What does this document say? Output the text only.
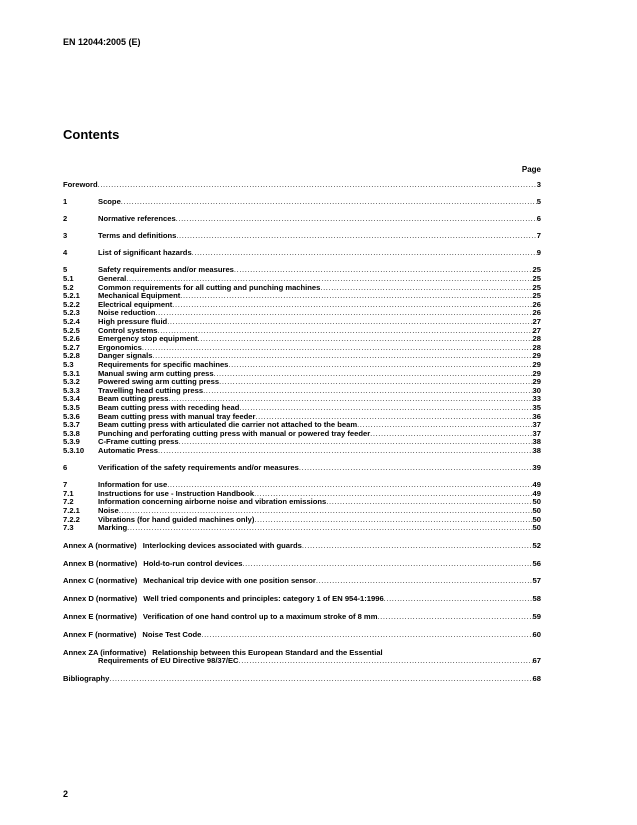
EN 12044:2005 (E)
Contents
Page
Foreword .....	3
1	Scope .....	5
2	Normative references .....	6
3	Terms and definitions .....	7
4	List of significant hazards .....	9
5	Safety requirements and/or measures .....	25
5.1	General .....	25
5.2	Common requirements for all cutting and punching machines .....	25
5.2.1	Mechanical Equipment .....	25
5.2.2	Electrical equipment .....	26
5.2.3	Noise reduction .....	26
5.2.4	High pressure fluid .....	27
5.2.5	Control systems .....	27
5.2.6	Emergency stop equipment .....	28
5.2.7	Ergonomics .....	28
5.2.8	Danger signals .....	29
5.3	Requirements for specific machines .....	29
5.3.1	Manual swing arm cutting press .....	29
5.3.2	Powered swing arm cutting press .....	29
5.3.3	Travelling head cutting press .....	30
5.3.4	Beam cutting press .....	33
5.3.5	Beam cutting press with receding head .....	35
5.3.6	Beam cutting press with manual tray feeder .....	36
5.3.7	Beam cutting press with articulated die carrier not attached to the beam .....	37
5.3.8	Punching and perforating cutting press with manual or powered tray feeder .....	37
5.3.9	C-Frame cutting press .....	38
5.3.10	Automatic Press .....	38
6	Verification of the safety requirements and/or measures .....	39
7	Information for use .....	49
7.1	Instructions for use - Instruction Handbook .....	49
7.2	Information concerning airborne noise and vibration emissions .....	50
7.2.1	Noise .....	50
7.2.2	Vibrations (for hand guided machines only) .....	50
7.3	Marking .....	50
Annex A (normative) Interlocking devices associated with guards .....	52
Annex B (normative) Hold-to-run control devices .....	56
Annex C (normative) Mechanical trip device with one position sensor .....	57
Annex D (normative) Well tried components and principles: category 1 of EN 954-1:1996 .....	58
Annex E (normative) Verification of one hand control up to a maximum stroke of 8 mm .....	59
Annex F (normative) Noise Test Code .....	60
Annex ZA (informative) Relationship between this European Standard and the Essential
Requirements of EU Directive 98/37/EC .....	67
Bibliography .....	68
2
